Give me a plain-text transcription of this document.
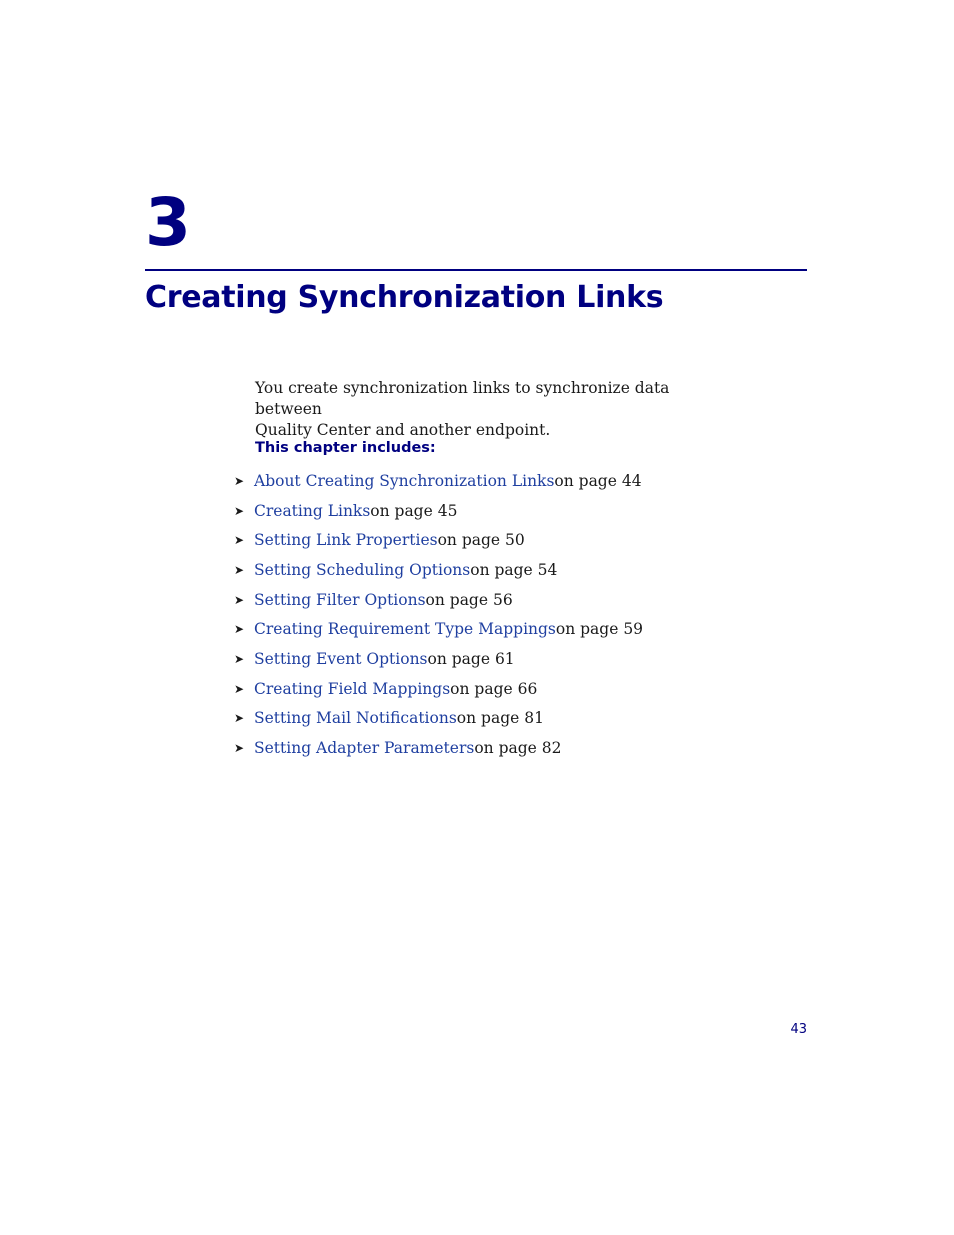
3
Creating Synchronization Links

You create synchronization links to synchronize data between
Quality Center and another endpoint.

This chapter includes:
➤ About Creating Synchronization Links on page 44
➤ Creating Links on page 45
➤ Setting Link Properties on page 50
➤ Setting Scheduling Options on page 54
➤ Setting Filter Options on page 56
➤ Creating Requirement Type Mappings on page 59
➤ Setting Event Options on page 61
➤ Creating Field Mappings on page 66
➤ Setting Mail Notifications on page 81
➤ Setting Adapter Parameters on page 82
43
